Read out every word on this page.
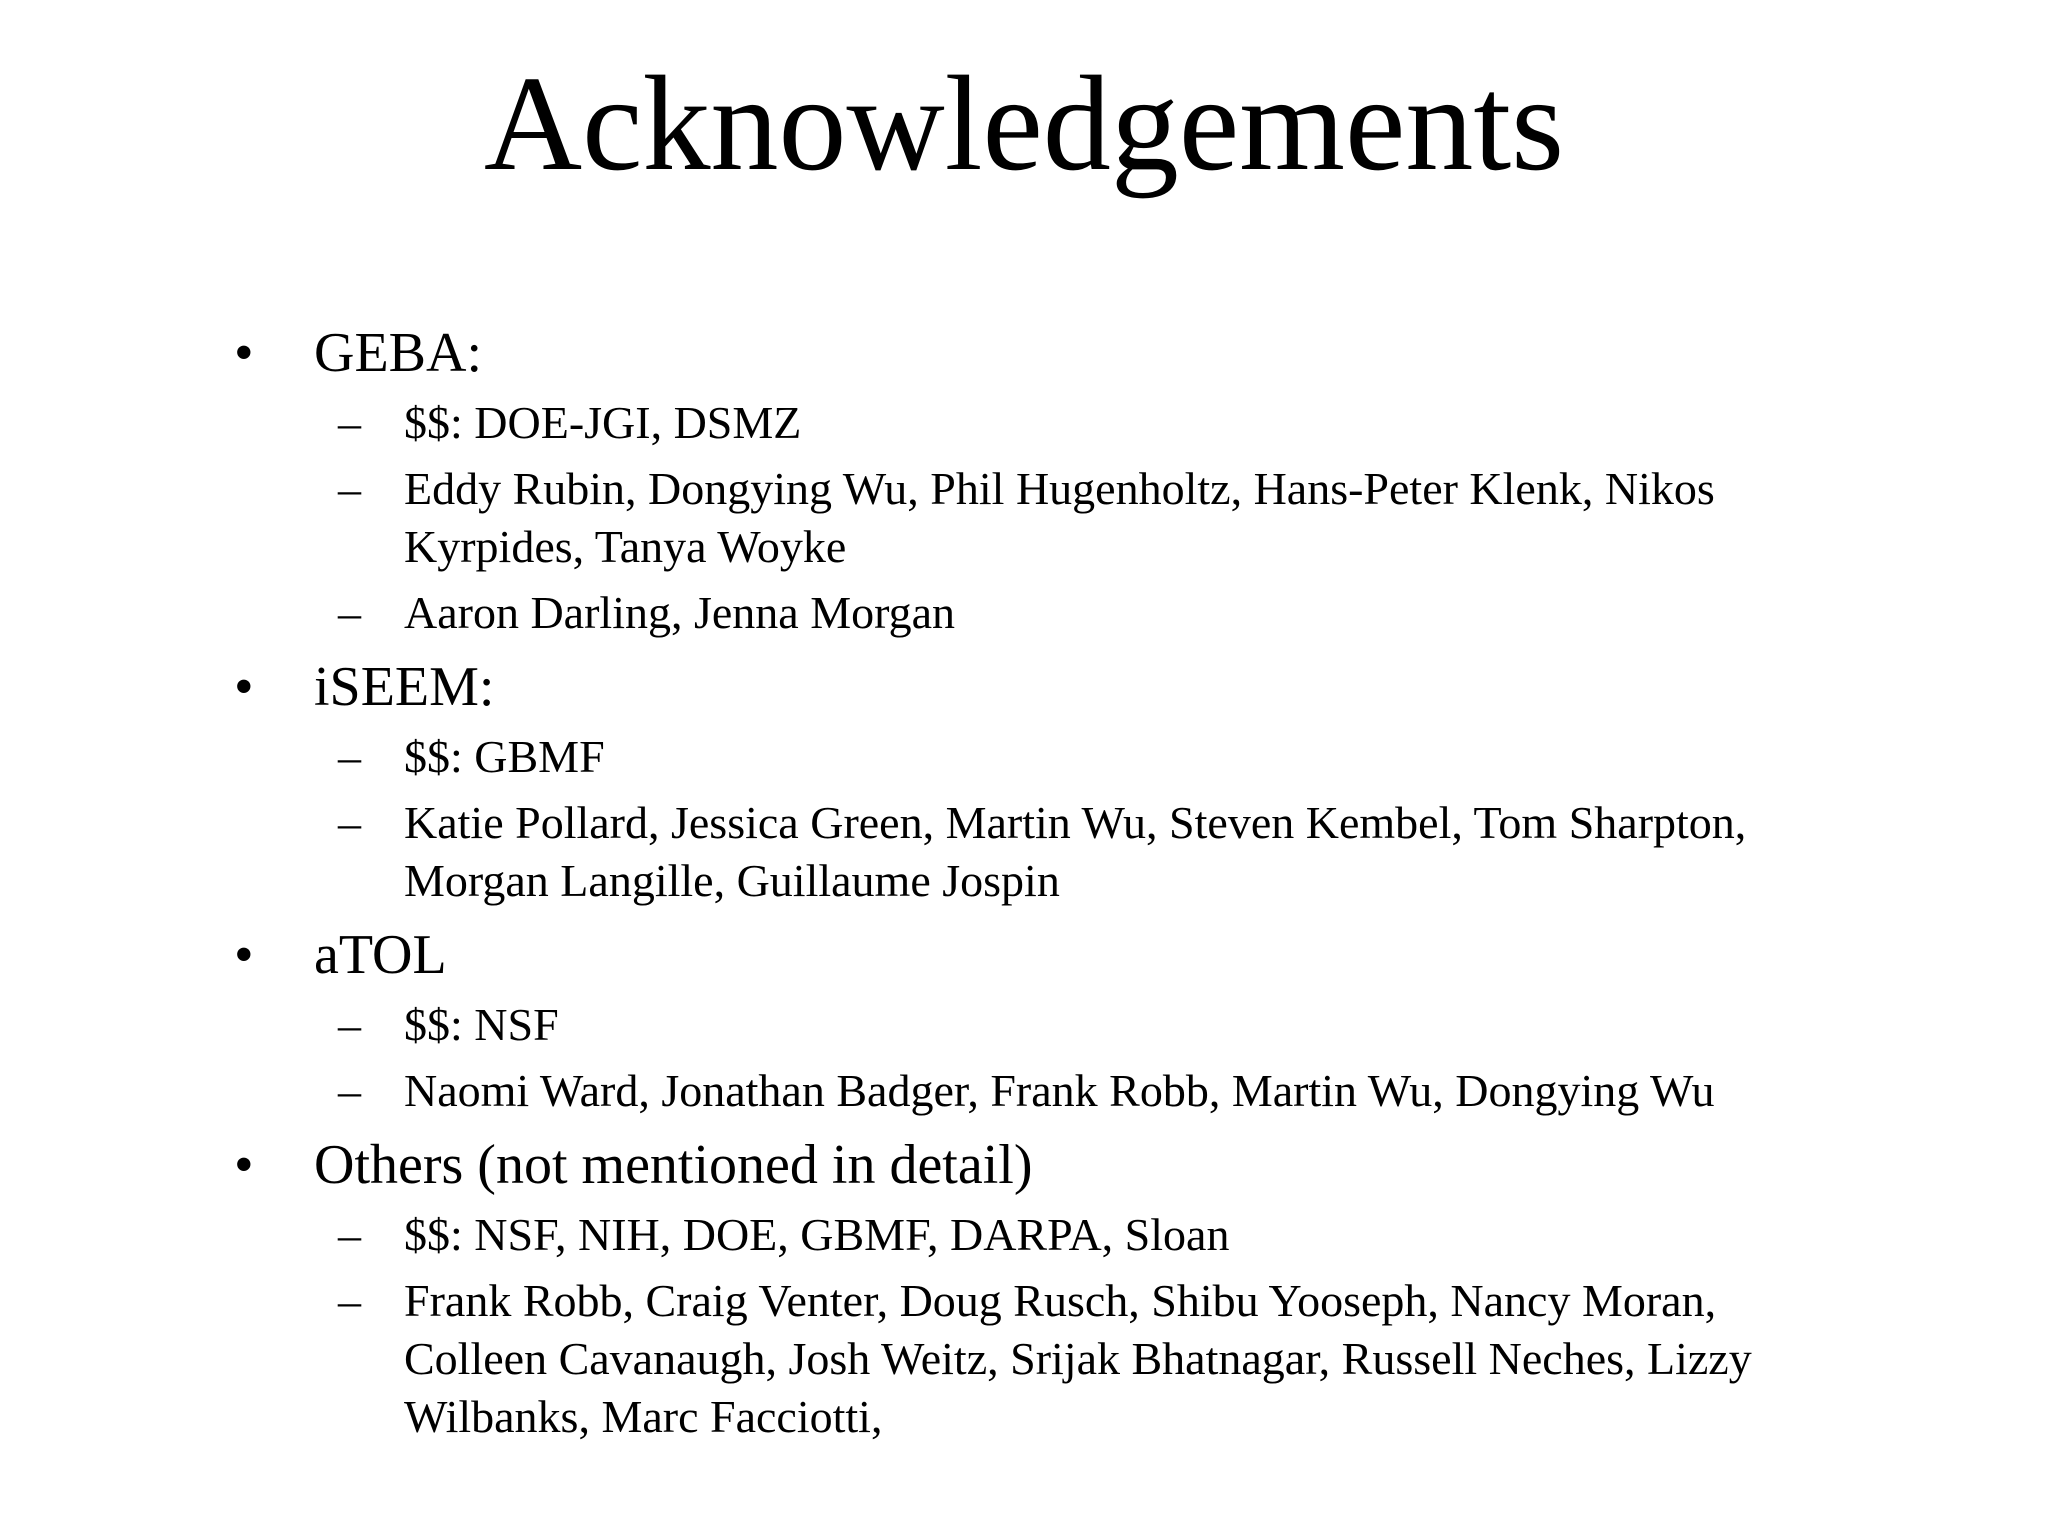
Acknowledgements
• GEBA:
– $$: DOE-JGI, DSMZ
– Eddy Rubin, Dongying Wu, Phil Hugenholtz, Hans-Peter Klenk, Nikos Kyrpides, Tanya Woyke
– Aaron Darling, Jenna Morgan
• iSEEM:
– $$: GBMF
– Katie Pollard, Jessica Green, Martin Wu, Steven Kembel, Tom Sharpton, Morgan Langille, Guillaume Jospin
• aTOL
– $$: NSF
– Naomi Ward, Jonathan Badger, Frank Robb, Martin Wu, Dongying Wu
• Others (not mentioned in detail)
– $$: NSF, NIH, DOE, GBMF, DARPA, Sloan
– Frank Robb, Craig Venter, Doug Rusch, Shibu Yooseph, Nancy Moran, Colleen Cavanaugh, Josh Weitz, Srijak Bhatnagar, Russell Neches, Lizzy Wilbanks, Marc Facciotti,
